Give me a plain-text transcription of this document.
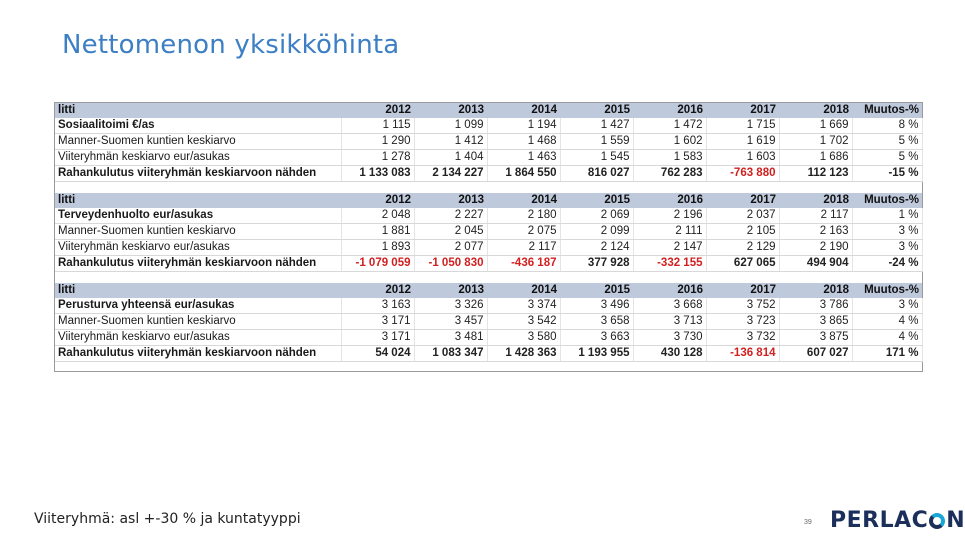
Nettomenon yksikköhinta
litti	2012	2013	2014	2015	2016	2017	2018	Muutos-%
Sosiaalitoimi €/as	1 115	1 099	1 194	1 427	1 472	1 715	1 669	8 %
Manner-Suomen kuntien keskiarvo	1 290	1 412	1 468	1 559	1 602	1 619	1 702	5 %
Viiteryhmän keskiarvo eur/asukas	1 278	1 404	1 463	1 545	1 583	1 603	1 686	5 %
Rahankulutus viiteryhmän keskiarvoon nähden	1 133 083	2 134 227	1 864 550	816 027	762 283	-763 880	112 123	-15 %
litti	2012	2013	2014	2015	2016	2017	2018	Muutos-%
Terveydenhuolto eur/asukas	2 048	2 227	2 180	2 069	2 196	2 037	2 117	1 %
Manner-Suomen kuntien keskiarvo	1 881	2 045	2 075	2 099	2 111	2 105	2 163	3 %
Viiteryhmän keskiarvo eur/asukas	1 893	2 077	2 117	2 124	2 147	2 129	2 190	3 %
Rahankulutus viiteryhmän keskiarvoon nähden	-1 079 059	-1 050 830	-436 187	377 928	-332 155	627 065	494 904	-24 %
litti	2012	2013	2014	2015	2016	2017	2018	Muutos-%
Perusturva yhteensä eur/asukas	3 163	3 326	3 374	3 496	3 668	3 752	3 786	3 %
Manner-Suomen kuntien keskiarvo	3 171	3 457	3 542	3 658	3 713	3 723	3 865	4 %
Viiteryhmän keskiarvo eur/asukas	3 171	3 481	3 580	3 663	3 730	3 732	3 875	4 %
Rahankulutus viiteryhmän keskiarvoon nähden	54 024	1 083 347	1 428 363	1 193 955	430 128	-136 814	607 027	171 %
Viiteryhmä: asl +-30 % ja kuntatyyppi	39 PERLAC N
